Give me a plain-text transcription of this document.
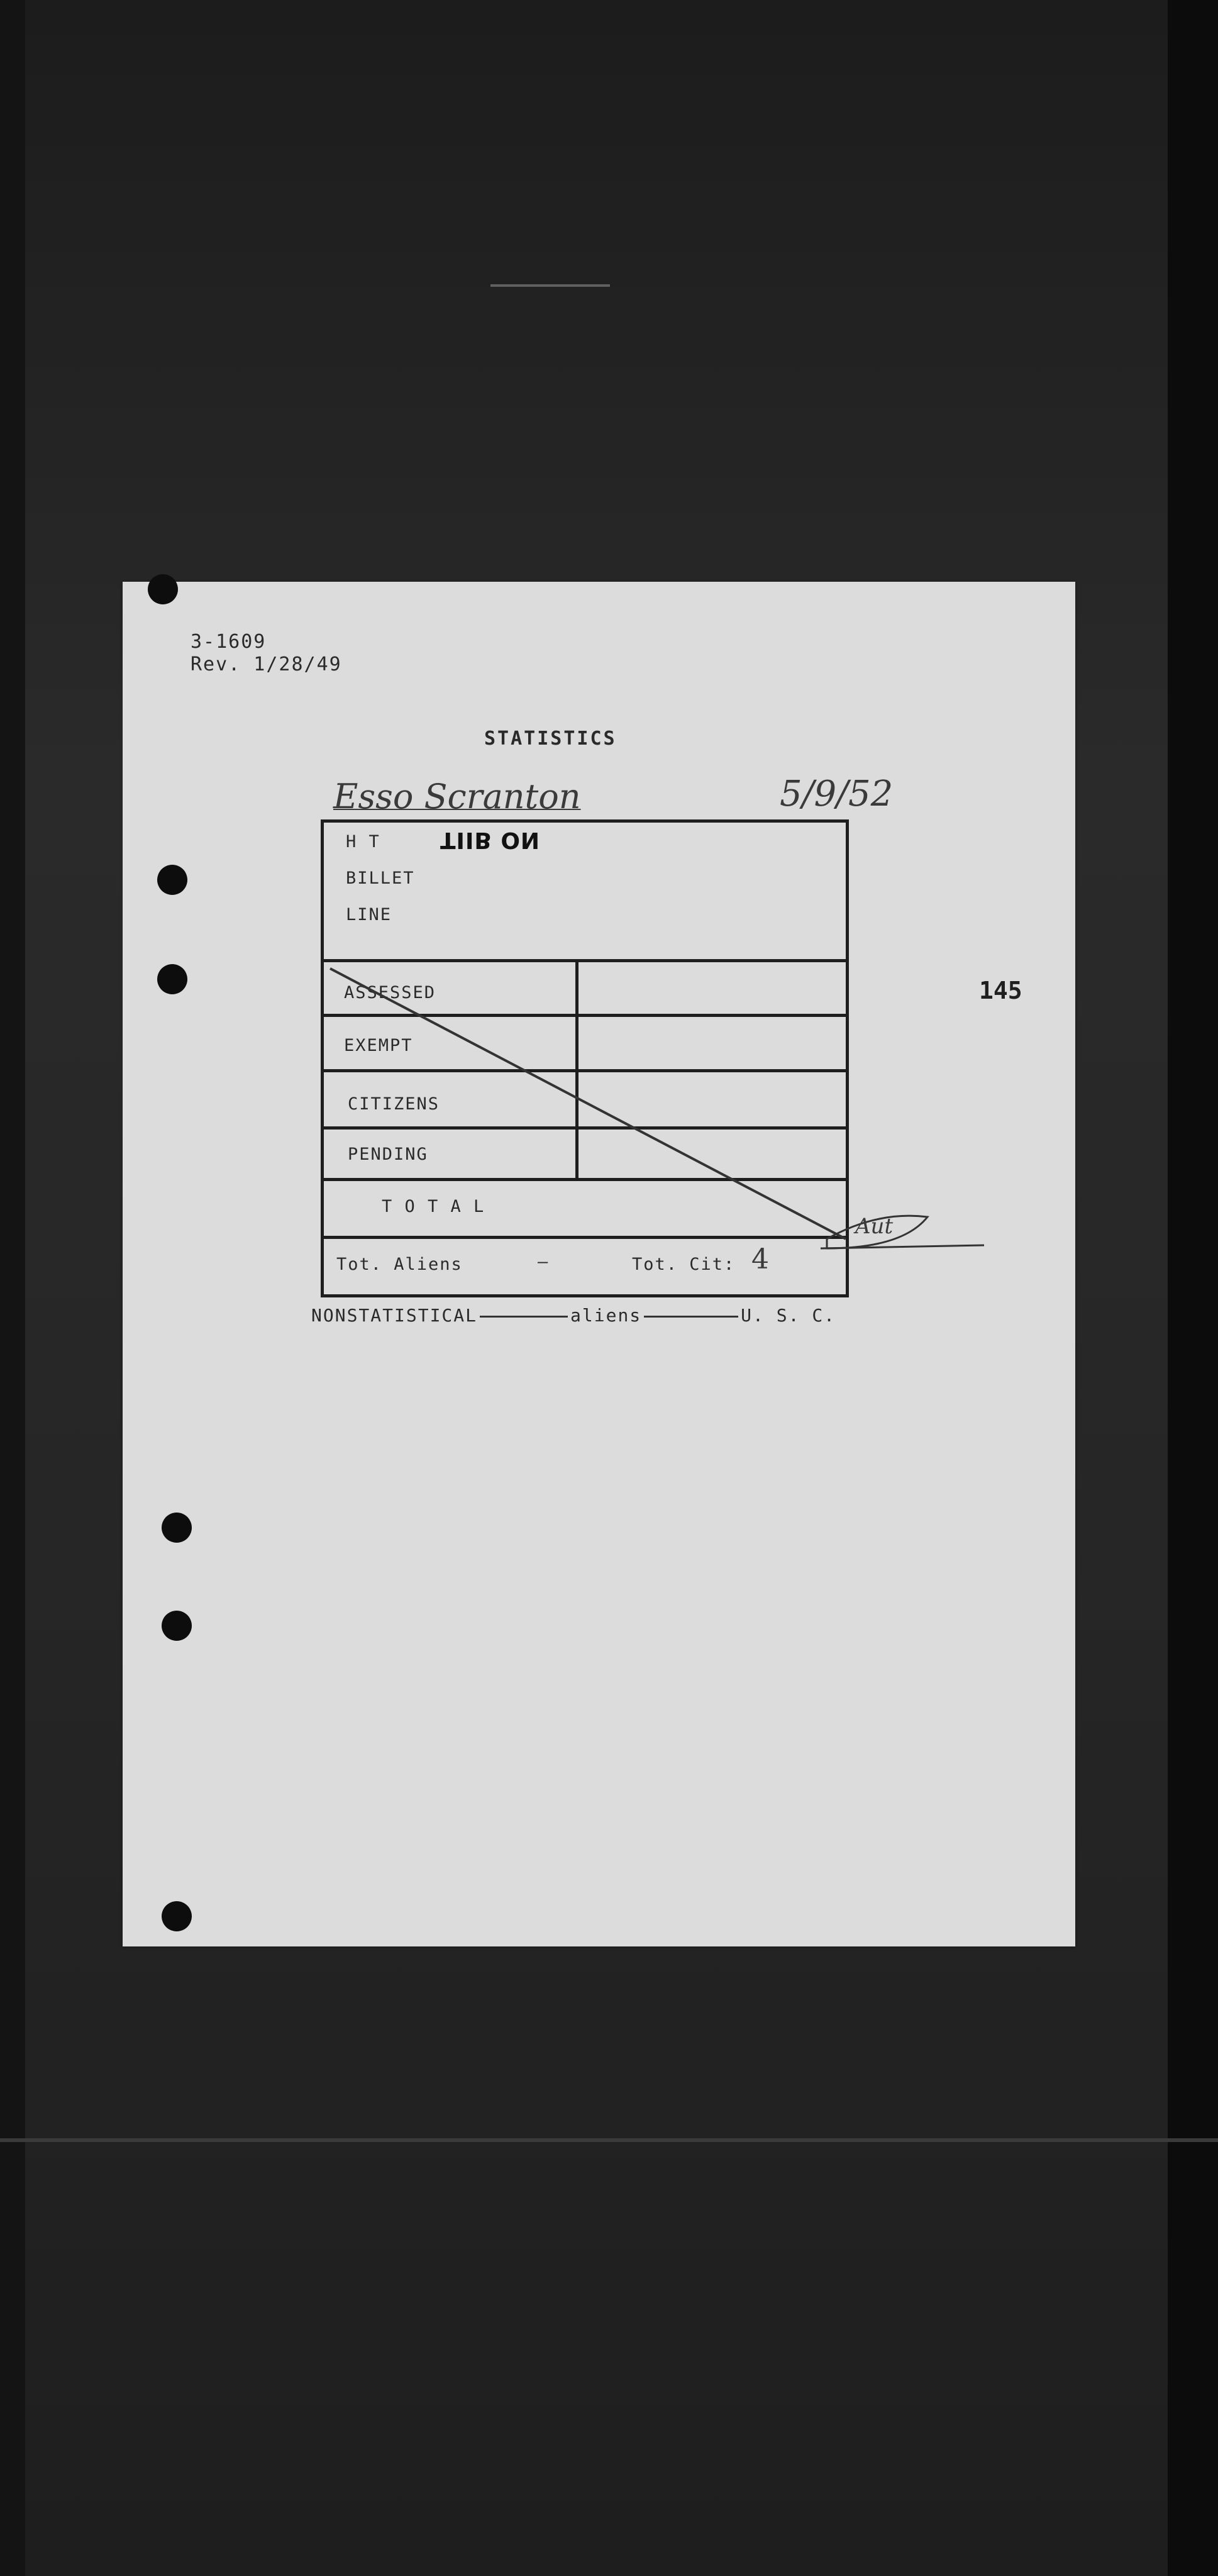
3-1609
Rev. 1/28/49
STATISTICS
Esso Scranton	5/9/52
145
H T
BILLET
LINE
TIIB ON
ASSESSED
EXEMPT
CITIZENS
PENDING
T O T A L
Tot. Aliens	—	Tot. Cit: 4
Aut
NONSTATISTICAL	aliens	U. S. C.
